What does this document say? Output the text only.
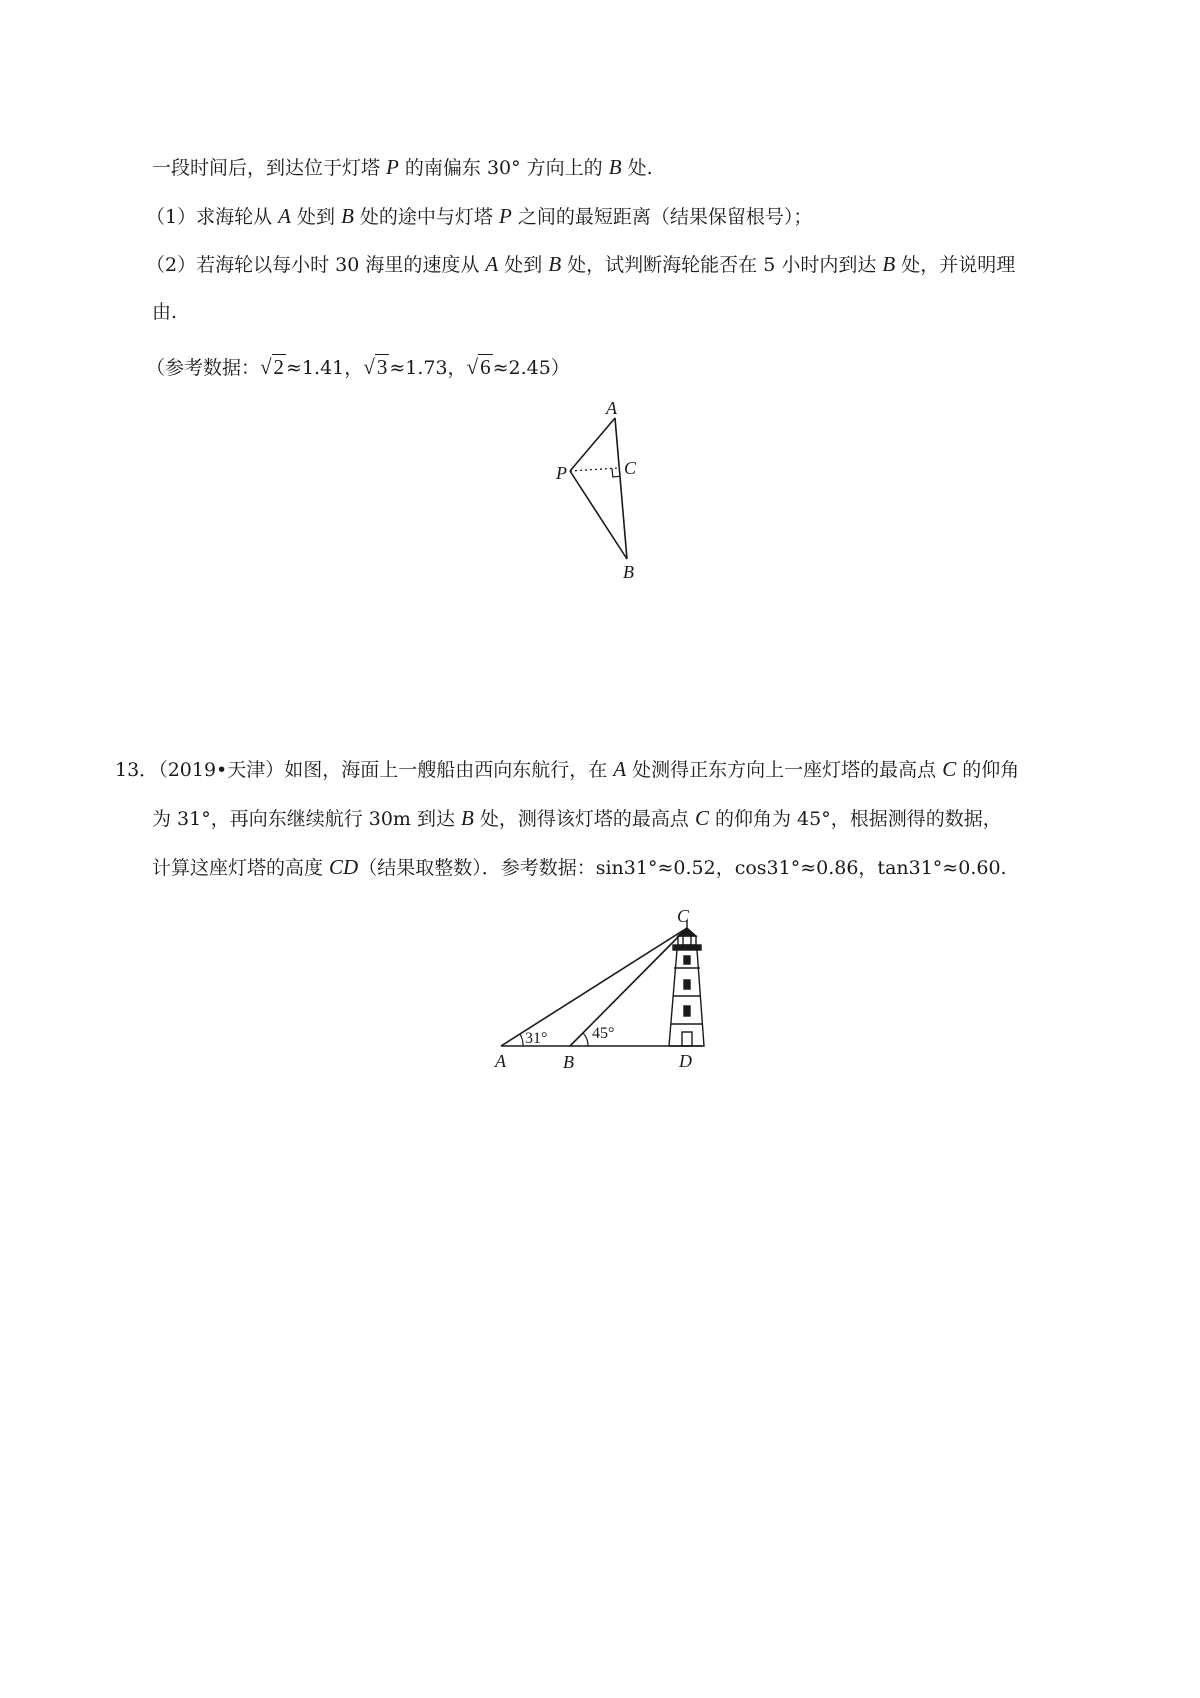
一段时间后，到达位于灯塔 P 的南偏东 30° 方向上的 B 处.
（1）求海轮从 A 处到 B 处的途中与灯塔 P 之间的最短距离（结果保留根号）；
（2）若海轮以每小时 30 海里的速度从 A 处到 B 处，试判断海轮能否在 5 小时内到达 B 处，并说明理
由.
（参考数据：√2 ≈1.41，√3 ≈1.73，√6 ≈2.45）
A
P	C
B
13．（2019•天津）如图，海面上一艘船由西向东航行，在 A 处测得正东方向上一座灯塔的最高点 C 的仰角
为 31°，再向东继续航行 30m 到达 B 处，测得该灯塔的最高点 C 的仰角为 45°，根据测得的数据，
计算这座灯塔的高度 CD（结果取整数）．参考数据：sin31°≈0.52，cos31°≈0.86，tan31°≈0.60.
C
A	B	D
31°	45°
